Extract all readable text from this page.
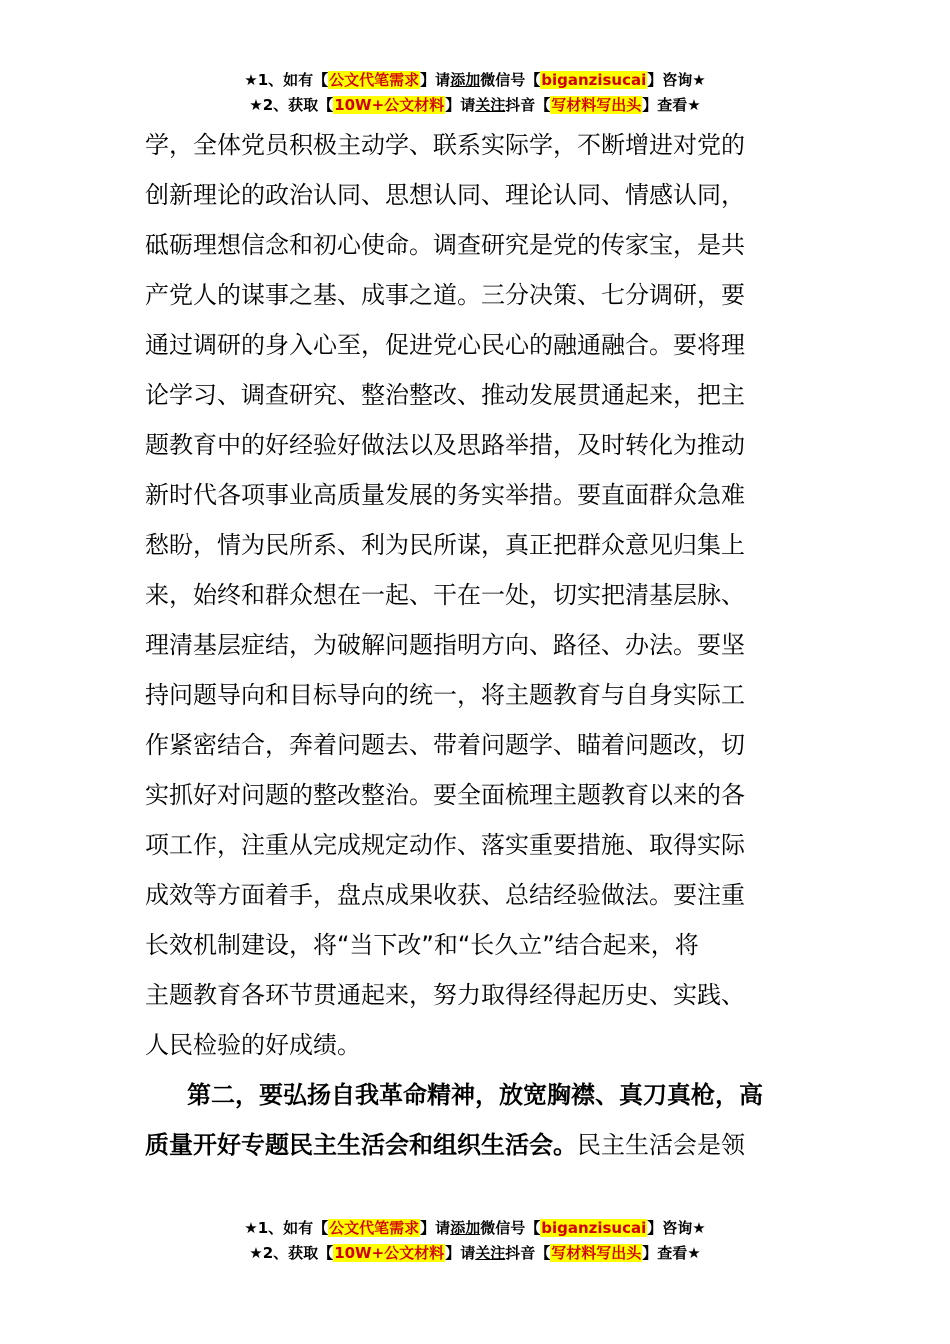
★1、如有【公文代笔需求】请添加微信号【biganzisucai】咨询★
★2、获取【10W+公文材料】请关注抖音【写材料写出头】查看★

学，全体党员积极主动学、联系实际学，不断增进对党的
创新理论的政治认同、思想认同、理论认同、情感认同，
砥砺理想信念和初心使命。调查研究是党的传家宝，是共
产党人的谋事之基、成事之道。三分决策、七分调研，要
通过调研的身入心至，促进党心民心的融通融合。要将理
论学习、调查研究、整治整改、推动发展贯通起来，把主
题教育中的好经验好做法以及思路举措，及时转化为推动
新时代各项事业高质量发展的务实举措。要直面群众急难
愁盼，情为民所系、利为民所谋，真正把群众意见归集上
来，始终和群众想在一起、干在一处，切实把清基层脉、
理清基层症结，为破解问题指明方向、路径、办法。要坚
持问题导向和目标导向的统一，将主题教育与自身实际工
作紧密结合，奔着问题去、带着问题学、瞄着问题改，切
实抓好对问题的整改整治。要全面梳理主题教育以来的各
项工作，注重从完成规定动作、落实重要措施、取得实际
成效等方面着手，盘点成果收获、总结经验做法。要注重
长效机制建设，将“当下改”和“长久立”结合起来，将
主题教育各环节贯通起来，努力取得经得起历史、实践、
人民检验的好成绩。

第二，要弘扬自我革命精神，放宽胸襟、真刀真枪，高
质量开好专题民主生活会和组织生活会。民主生活会是领

★1、如有【公文代笔需求】请添加微信号【biganzisucai】咨询★
★2、获取【10W+公文材料】请关注抖音【写材料写出头】查看★
